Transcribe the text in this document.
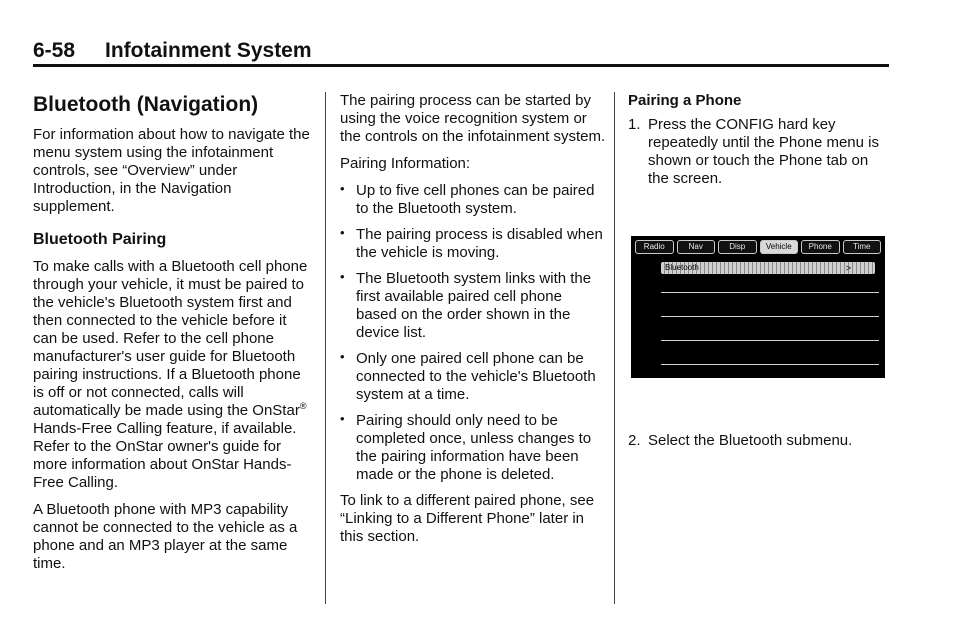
6-58 Infotainment System
Bluetooth (Navigation)

For information about how to navigate the menu system using the infotainment controls, see “Overview” under Introduction, in the Navigation supplement.

Bluetooth Pairing

To make calls with a Bluetooth cell phone through your vehicle, it must be paired to the vehicle's Bluetooth system first and then connected to the vehicle before it can be used. Refer to the cell phone manufacturer's user guide for Bluetooth pairing instructions. If a Bluetooth phone is off or not connected, calls will automatically be made using the OnStar®
Hands-Free Calling feature, if available. Refer to the OnStar owner's guide for more information about OnStar Hands-Free Calling.

A Bluetooth phone with MP3 capability cannot be connected to the vehicle as a phone and an MP3 player at the same time.

The pairing process can be started by using the voice recognition system or the controls on the infotainment system.

Pairing Information:

• Up to five cell phones can be paired to the Bluetooth system.
• The pairing process is disabled when the vehicle is moving.
• The Bluetooth system links with the first available paired cell phone based on the order shown in the device list.
• Only one paired cell phone can be connected to the vehicle's Bluetooth system at a time.
• Pairing should only need to be completed once, unless changes to the pairing information have been made or the phone is deleted.

To link to a different paired phone, see “Linking to a Different Phone” later in this section.

Pairing a Phone
1. Press the CONFIG hard key repeatedly until the Phone menu is shown or touch the Phone tab on the screen.
Radio	Nav	Disp	Vehicle	Phone	Time
Bluetooth	>
2. Select the Bluetooth submenu.
